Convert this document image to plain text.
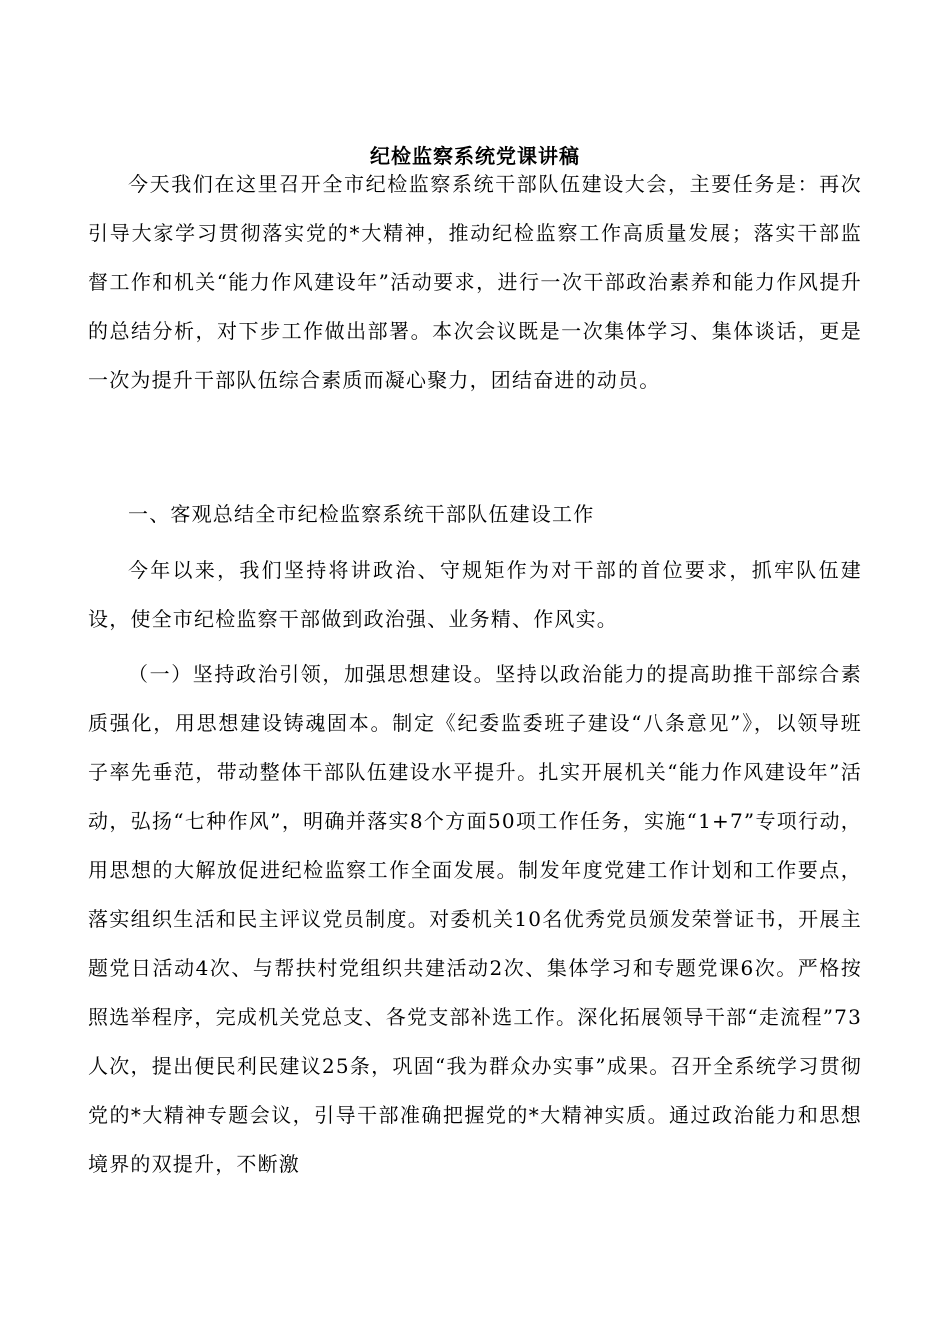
纪检监察系统党课讲稿

今天我们在这里召开全市纪检监察系统干部队伍建设大会，主要任务是：再次引导大家学习贯彻落实党的*大精神，推动纪检监察工作高质量发展；落实干部监督工作和机关“能力作风建设年”活动要求，进行一次干部政治素养和能力作风提升的总结分析，对下步工作做出部署。本次会议既是一次集体学习、集体谈话，更是一次为提升干部队伍综合素质而凝心聚力，团结奋进的动员。

一、客观总结全市纪检监察系统干部队伍建设工作

今年以来，我们坚持将讲政治、守规矩作为对干部的首位要求，抓牢队伍建设，使全市纪检监察干部做到政治强、业务精、作风实。

（一）坚持政治引领，加强思想建设。坚持以政治能力的提高助推干部综合素质强化，用思想建设铸魂固本。制定《纪委监委班子建设“八条意见”》，以领导班子率先垂范，带动整体干部队伍建设水平提升。扎实开展机关“能力作风建设年”活动，弘扬“七种作风”，明确并落实8个方面50项工作任务，实施“1+7”专项行动，用思想的大解放促进纪检监察工作全面发展。制发年度党建工作计划和工作要点，落实组织生活和民主评议党员制度。对委机关10名优秀党员颁发荣誉证书，开展主题党日活动4次、与帮扶村党组织共建活动2次、集体学习和专题党课6次。严格按照选举程序，完成机关党总支、各党支部补选工作。深化拓展领导干部“走流程”73人次，提出便民利民建议25条，巩固“我为群众办实事”成果。召开全系统学习贯彻党的*大精神专题会议，引导干部准确把握党的*大精神实质。通过政治能力和思想境界的双提升，不断激
